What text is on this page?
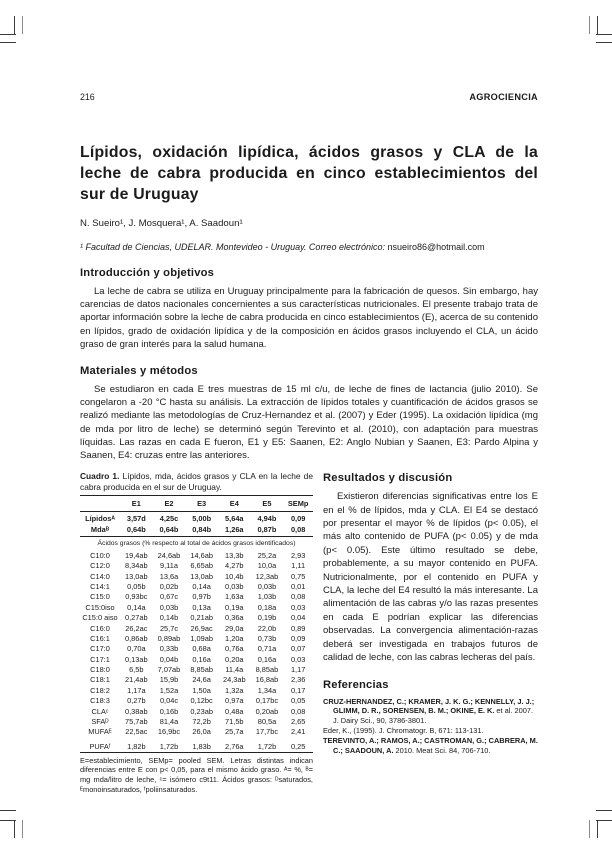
216	AGROCIENCIA
Lípidos, oxidación lipídica, ácidos grasos y CLA de la leche de cabra producida en cinco establecimientos del sur de Uruguay
N. Sueiro¹, J. Mosquera¹, A. Saadoun¹
¹ Facultad de Ciencias, UDELAR. Montevideo - Uruguay. Correo electrónico: nsueiro86@hotmail.com
Introducción y objetivos

La leche de cabra se utiliza en Uruguay principalmente para la fabricación de quesos. Sin embargo, hay carencias de datos nacionales concernientes a sus características nutricionales. El presente trabajo trata de aportar información sobre la leche de cabra producida en cinco establecimientos (E), acerca de su contenido en lípidos, grado de oxidación lipídica y de la composición en ácidos grasos incluyendo el CLA, un ácido graso de gran interés para la salud humana.

Materiales y métodos

Se estudiaron en cada E tres muestras de 15 ml c/u, de leche de fines de lactancia (julio 2010). Se congelaron a -20 °C hasta su análisis. La extracción de lípidos totales y cuantificación de ácidos grasos se realizó mediante las metodologías de Cruz-Hernandez et al. (2007) y Eder (1995). La oxidación lipídica (mg de mda por litro de leche) se determinó según Terevinto et al. (2010), con adaptación para muestras líquidas. Las razas en cada E fueron, E1 y E5: Saanen, E2: Anglo Nubian y Saanen, E3: Pardo Alpina y Saanen, E4: cruzas entre las anteriores.

Cuadro 1. Lípidos, mda, ácidos grasos y CLA en la leche de cabra producida en el sur de Uruguay.
	E1	E2	E3	E4	E5	SEMp
Lípidosᴬ	3,57d	4,25c	5,00b	5,64a	4,94b	0,09
Mdaᴮ	0,64b	0,64b	0,84b	1,26a	0,87b	0,08
Ácidos grasos (% respecto al total de ácidos grasos identificados)						
C10:0	19,4ab	24,6ab	14,6ab	13,3b	25,2a	2,93
C12:0	8,34ab	9,11a	6,65ab	4,27b	10,0a	1,11
C14:0	13,0ab	13,6a	13,0ab	10,4b	12,3ab	0,75
C14:1	0,05b	0,02b	0,14a	0,03b	0,03b	0,01
C15:0	0,93bc	0,67c	0,97b	1,63a	1,03b	0,08
C15:0iso	0,14a	0,03b	0,13a	0,19a	0,18a	0,03
C15:0 aiso	0,27ab	0,14b	0,21ab	0,36a	0,19b	0,04
C16:0	26,2ac	25,7c	26,9ac	29,0a	22,0b	0,89
C16:1	0,86ab	0,89ab	1,09ab	1,20a	0,73b	0,09
C17:0	0,70a	0,33b	0,68a	0,76a	0,71a	0,07
C17:1	0,13ab	0,04b	0,16a	0,20a	0,16a	0,03
C18:0	6,5b	7,07ab	8,85ab	11,4a	8,85ab	1,17
C18:1	21,4ab	15,9b	24,6a	24,3ab	16,8ab	2,36
C18:2	1,17a	1,52a	1,50a	1,32a	1,34a	0,17
C18:3	0,27b	0,04c	0,12bc	0,97a	0,17bc	0,05
CLAᶜ	0,38ab	0,16b	0,23ab	0,48a	0,20ab	0,08
SFAᴰ	75,7ab	81,4a	72,2b	71,5b	80,5a	2,65
MUFAᴱ	22,5ac	16,9bc	26,0a	25,7a	17,7bc	2,41
PUFAᶠ	1,82b	1,72b	1,83b	2,76a	1,72b	0,25
E=establecimiento, SEMp= pooled SEM. Letras distintas indican diferencias entre E con p< 0,05, para el mismo ácido graso. ᴬ= %, ᴮ= mg mda/litro de leche, ᶜ= isómero c9t11. Ácidos grasos: ᴰsaturados, ᴱmonoinsaturados, ᶠpoliinsaturados.
Resultados y discusión

Existieron diferencias significativas entre los E en el % de lípidos, mda y CLA. El E4 se destacó por presentar el mayor % de lípidos (p< 0.05), el más alto contenido de PUFA (p< 0.05) y de mda (p< 0.05). Este último resultado se debe, probablemente, a su mayor contenido en PUFA. Nutricionalmente, por el contenido en PUFA y CLA, la leche del E4 resultó la más interesante. La alimentación de las cabras y/o las razas presentes en cada E podrían explicar las diferencias observadas. La convergencia alimentación-razas deberá ser investigada en trabajos futuros de calidad de leche, con las cabras lecheras del país.

Referencias
CRUZ-HERNANDEZ, C.; KRAMER, J. K. G.; KENNELLY, J. J.; GLIMM, D. R., SORENSEN, B. M.; OKINE, E. K. et al. 2007. J. Dairy Sci., 90, 3786-3801.
Eder, K., (1995). J. Chromatogr. B, 671: 113-131.
TEREVINTO, A.; RAMOS, A.; CASTROMAN, G.; CABRERA, M. C.; SAADOUN, A. 2010. Meat Sci. 84, 706-710.
